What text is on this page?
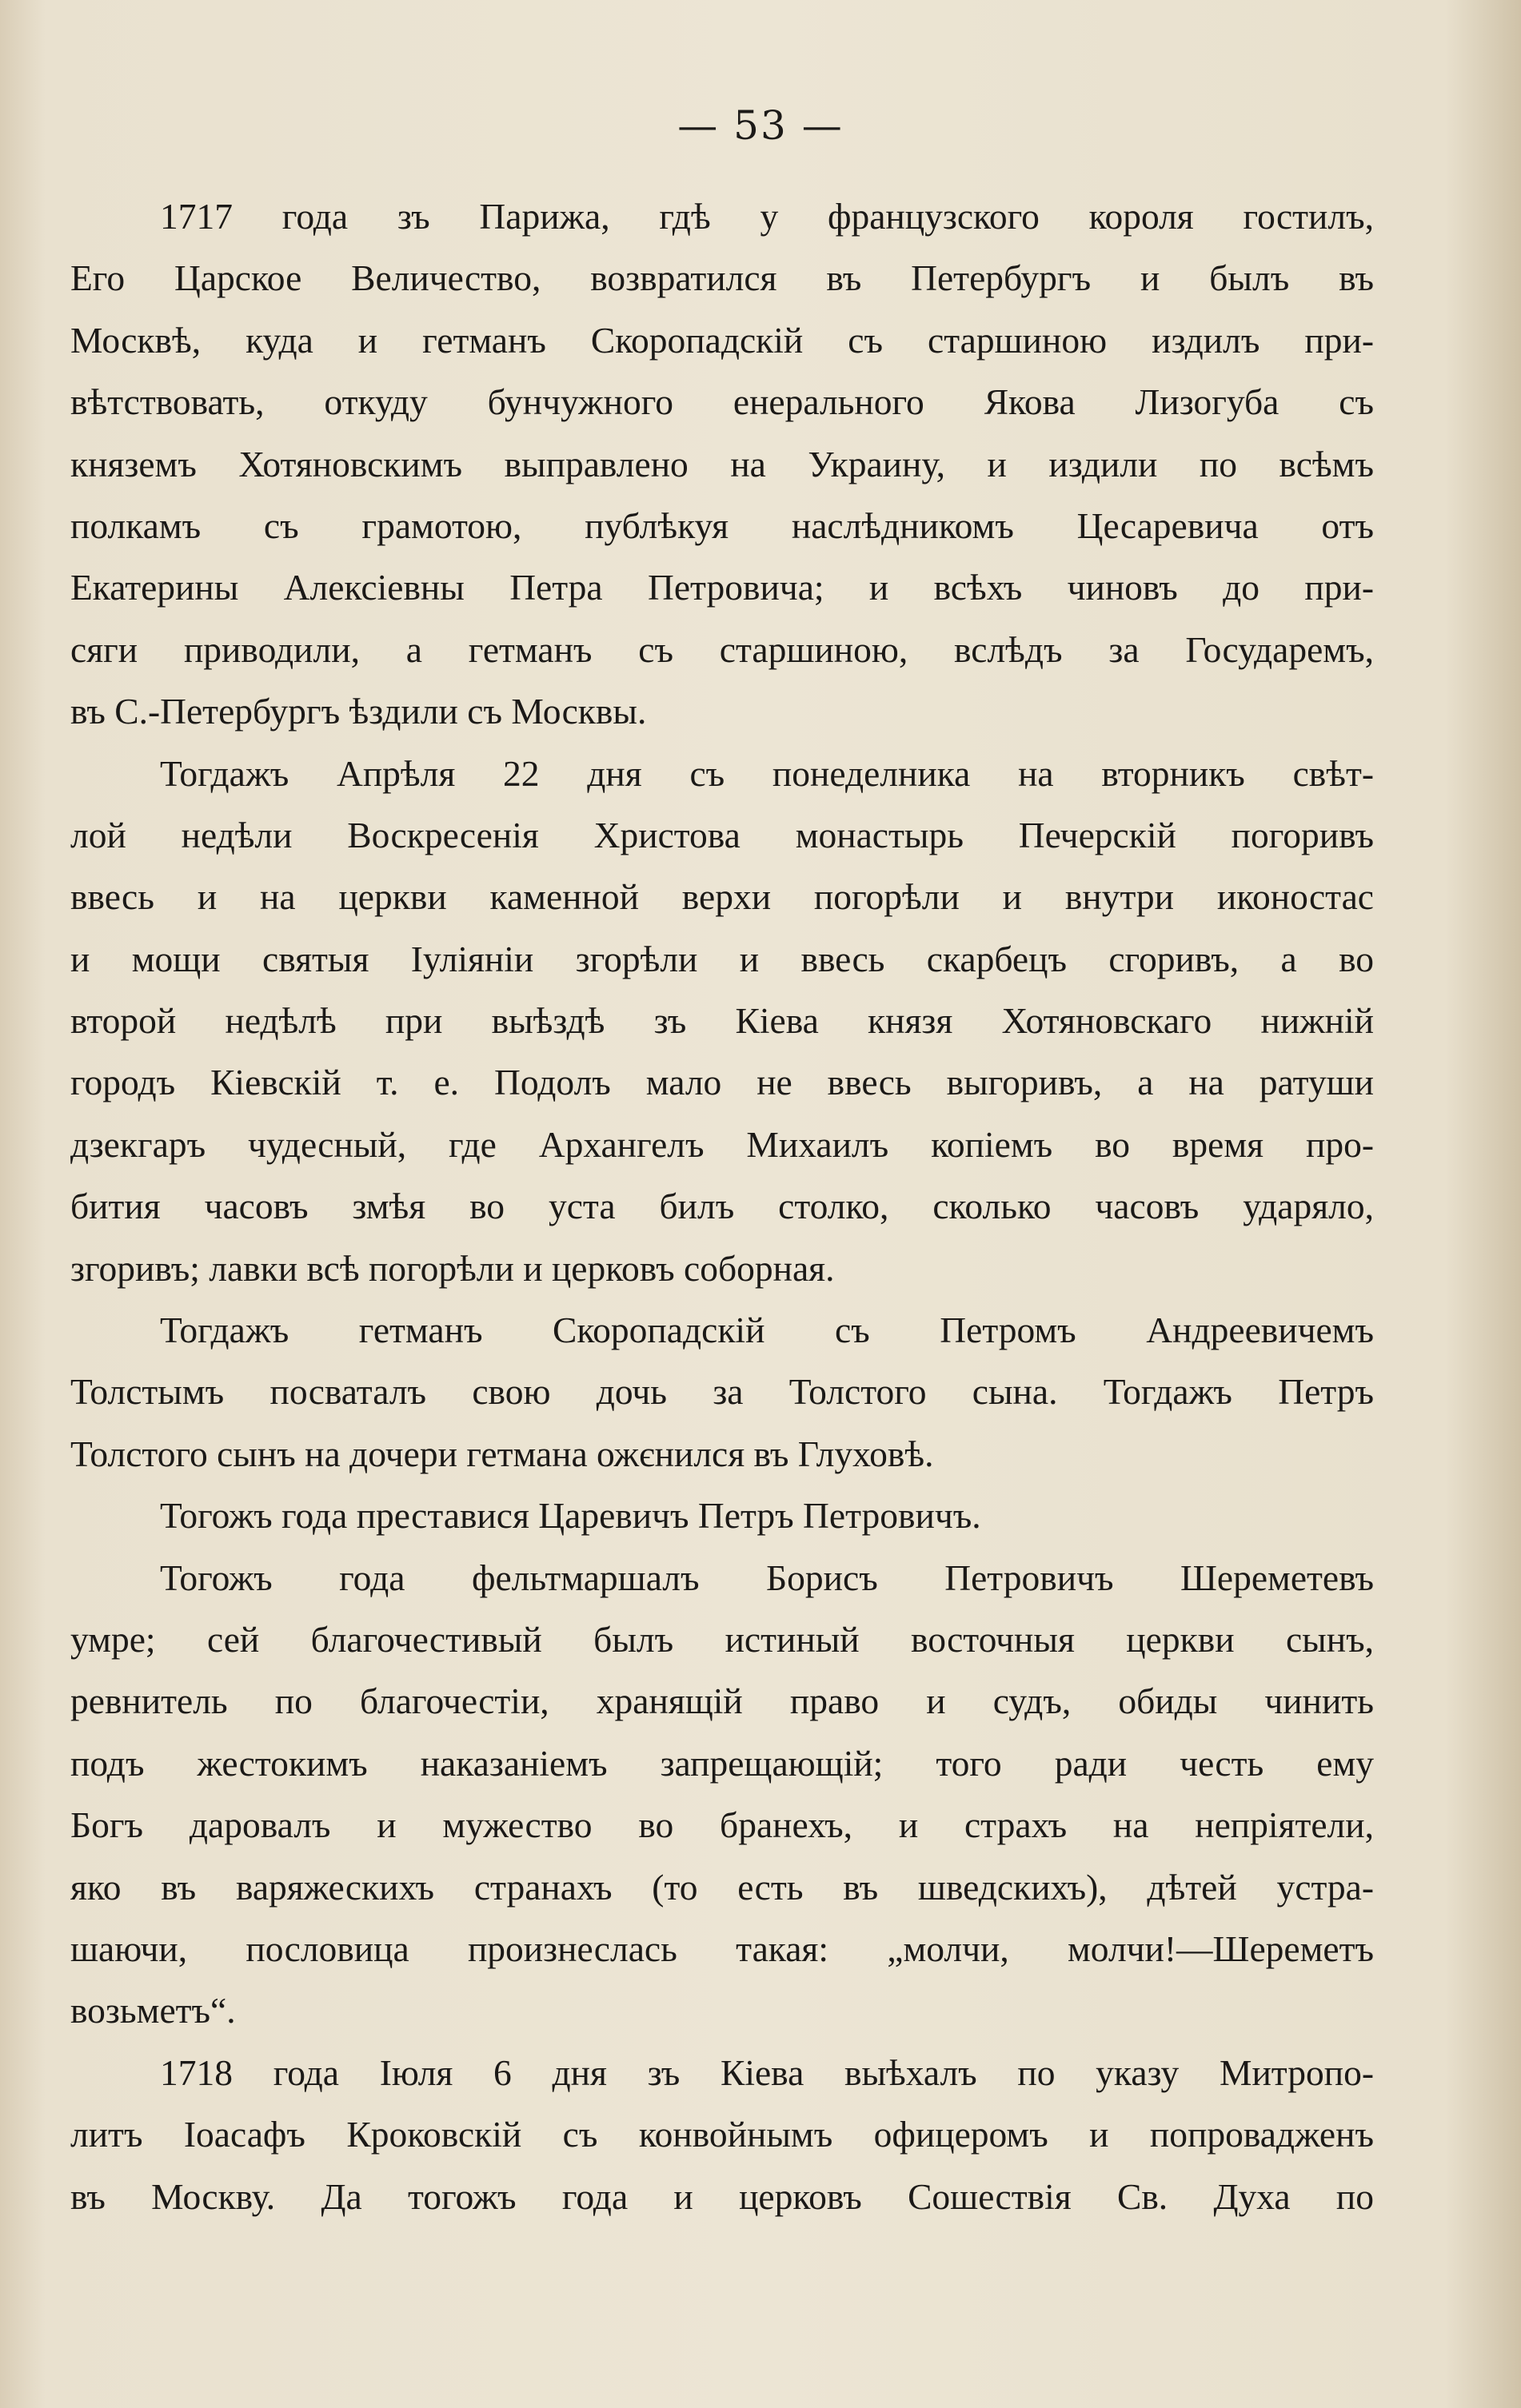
— 53 —
1717 года зъ Парижа, гдѣ у французского короля гостилъ,
Его Царское Величество, возвратился въ Петербургъ и былъ въ
Москвѣ, куда и гетманъ Скоропадскій съ старшиною издилъ при-
вѣтствовать, откуду бунчужного енерального Якова Лизогуба съ
княземъ Хотяновскимъ выправлено на Украину, и издили по всѣмъ
полкамъ съ грамотою, публѣкуя наслѣдникомъ Цесаревича отъ
Екатерины Алексіевны Петра Петровича; и всѣхъ чиновъ до при-
сяги приводили, а гетманъ съ старшиною, вслѣдъ за Государемъ,
въ С.-Петербургъ ѣздили съ Москвы.
Тогдажъ Апрѣля 22 дня съ понеделника на вторникъ свѣт-
лой недѣли Воскресенія Христова монастырь Печерскій погоривъ
ввесь и на церкви каменной верхи погорѣли и внутри иконостас
и мощи святыя Іуліяніи згорѣли и ввесь скарбецъ сгоривъ, а во
второй недѣлѣ при выѣздѣ зъ Кіева князя Хотяновскаго нижній
городъ Кіевскій т. е. Подолъ мало не ввесь выгоривъ, а на ратуши
дзекгаръ чудесный, где Архангелъ Михаилъ копіемъ во время про-
бития часовъ змѣя во уста билъ столко, сколько часовъ ударяло,
згоривъ; лавки всѣ погорѣли и церковъ соборная.
Тогдажъ гетманъ Скоропадскій съ Петромъ Андреевичемъ
Толстымъ посваталъ свою дочь за Толстого сына. Тогдажъ Петръ
Толстого сынъ на дочери гетмана ожєнился въ Глуховѣ.
Тогожъ года преставися Царевичъ Петръ Петровичъ.
Тогожъ года фельтмаршалъ Борисъ Петровичъ Шереметевъ
умре; сей благочестивый былъ истиный восточныя церкви сынъ,
ревнитель по благочестіи, хранящій право и судъ, обиды чинить
подъ жестокимъ наказаніемъ запрещающій; того ради честь ему
Богъ даровалъ и мужество во бранехъ, и страхъ на непріятели,
яко въ варяжескихъ странахъ (то есть въ шведскихъ), дѣтей устра-
шаючи, пословица произнеслась такая: „молчи, молчи!—Шереметъ
возьметъ“.
1718 года Іюля 6 дня зъ Кіева выѣхалъ по указу Митропо-
литъ Іоасафъ Кроковскій съ конвойнымъ офицеромъ и попровадженъ
въ Москву. Да тогожъ года и церковъ Сошествія Св. Духа по
